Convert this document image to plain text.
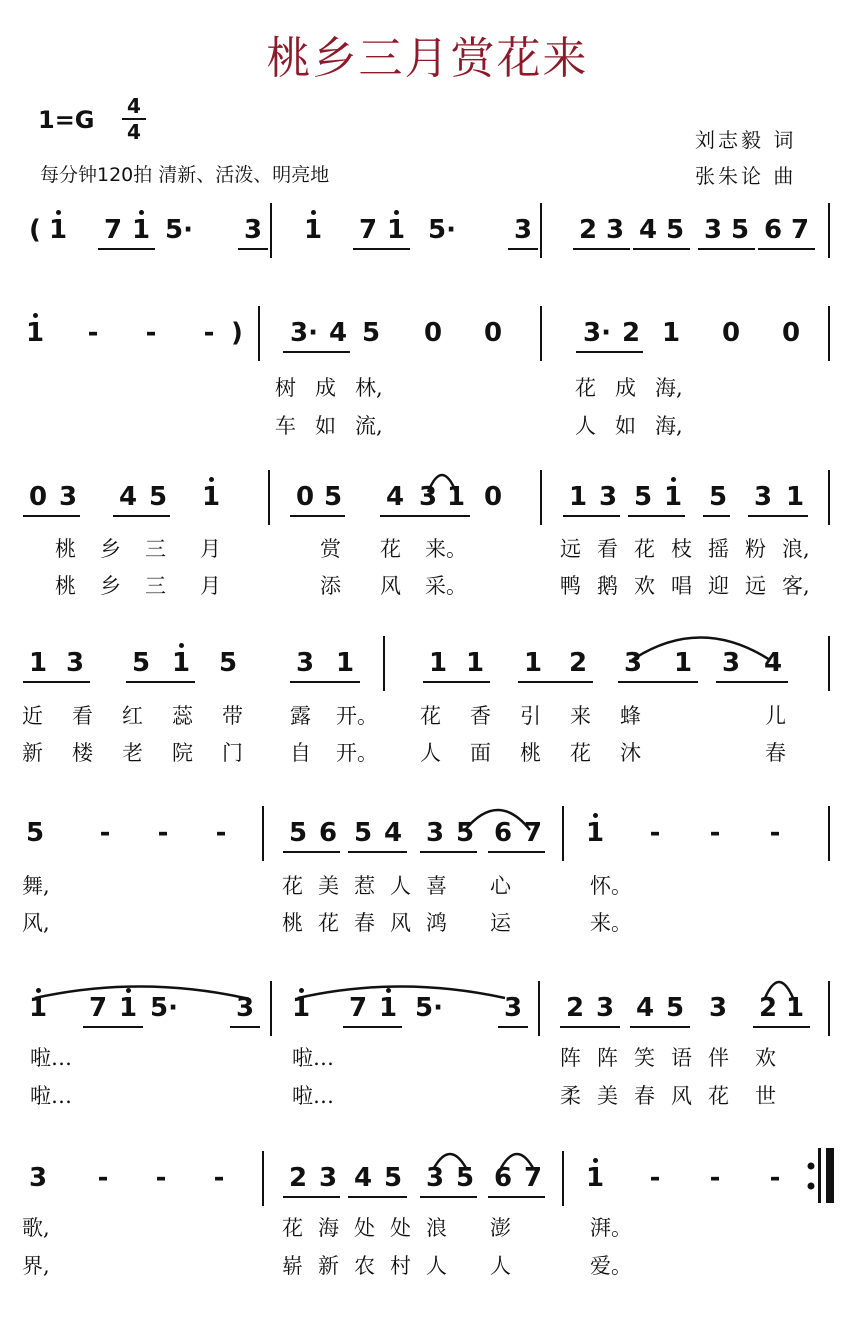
桃乡三月赏花来
1=G 4
4
每分钟120拍 清新、活泼、明亮地
刘志毅 词
张朱论 曲
( 1 7 1 5· 3 1 7 1 5· 3 2 3 4 5 3 5 6 7
1 - - - ) 3· 4 5 0 0	3· 2 1 0 0
树 成 林,	花 成 海,
车 如 流,	人 如 海,
0 3 4 5 1	0 5 4 3 1 0	1 3 5 1 5 3 1
桃	乡	三	月	赏	花	来。	远 看 花 枝 摇 粉 浪,
桃	乡	三	月	添	风	采。	鸭 鹅 欢 唱 迎 远 客,
1 3 5 1 5 3 1	1 1 1 2 3 1 3 4
近	看	红	蕊	带	露	开。	花	香	引	来	蜂	儿
新	楼	老	院	门	自	开。	人	面	桃	花	沐	春
5 - - - 5 6 5 4 3 5 6 7 1 - - -
舞,	花 美 惹 人 喜	心	怀。
风,	桃 花 春 风 鸿	运	来。
1 7 1 5· 3 1 7 1 5· 3 2 3 4 5 3 2 1
啦…	啦…	阵 阵 笑 语 伴	欢
啦…	啦…	柔 美 春 风 花	世
3 - - - 2 3 4 5 3 5 6 7 1 - - -
歌,	花 海 处 处 浪	澎	湃。
界,	崭 新 农 村 人	人	爱。
